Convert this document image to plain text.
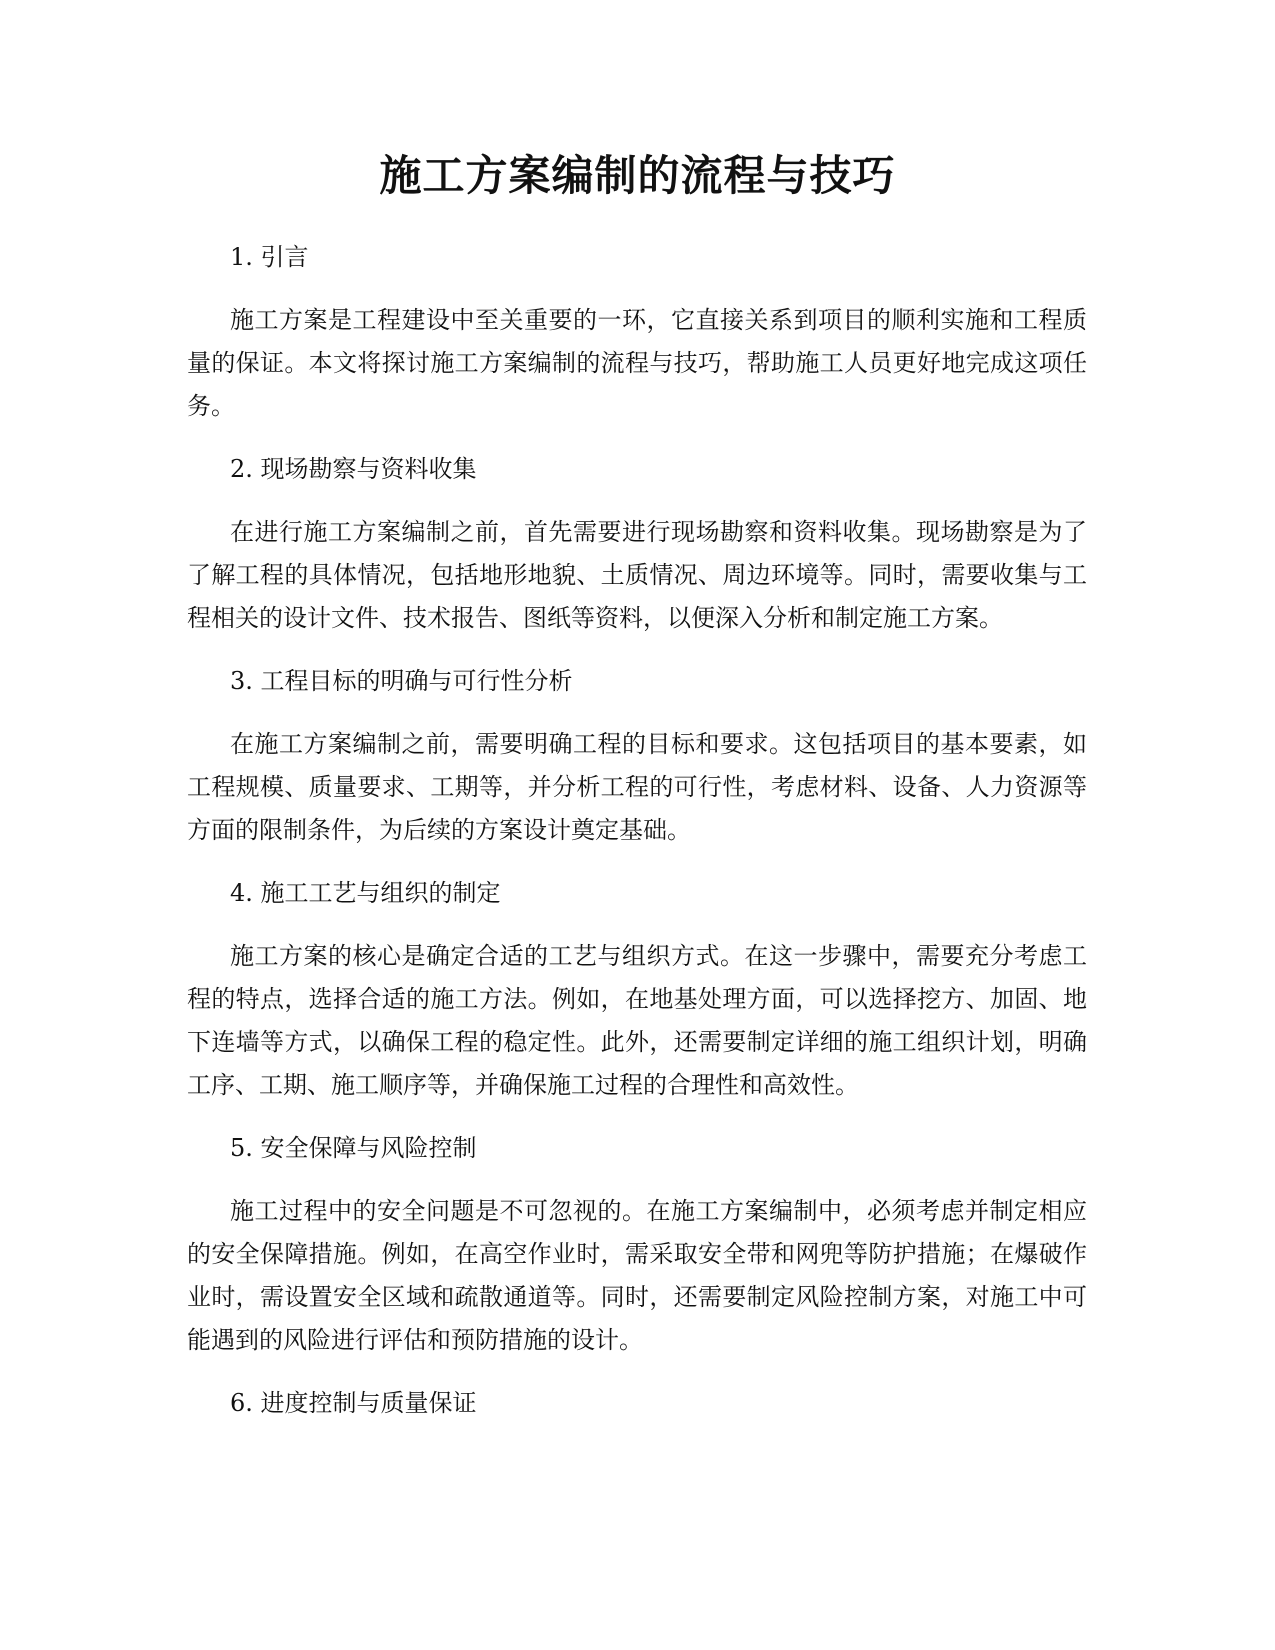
施工方案编制的流程与技巧

1. 引言

施工方案是工程建设中至关重要的一环，它直接关系到项目的顺利实施和工程质量的保证。本文将探讨施工方案编制的流程与技巧，帮助施工人员更好地完成这项任务。

2. 现场勘察与资料收集

在进行施工方案编制之前，首先需要进行现场勘察和资料收集。现场勘察是为了了解工程的具体情况，包括地形地貌、土质情况、周边环境等。同时，需要收集与工程相关的设计文件、技术报告、图纸等资料，以便深入分析和制定施工方案。

3. 工程目标的明确与可行性分析

在施工方案编制之前，需要明确工程的目标和要求。这包括项目的基本要素，如工程规模、质量要求、工期等，并分析工程的可行性，考虑材料、设备、人力资源等方面的限制条件，为后续的方案设计奠定基础。

4. 施工工艺与组织的制定

施工方案的核心是确定合适的工艺与组织方式。在这一步骤中，需要充分考虑工程的特点，选择合适的施工方法。例如，在地基处理方面，可以选择挖方、加固、地下连墙等方式，以确保工程的稳定性。此外，还需要制定详细的施工组织计划，明确工序、工期、施工顺序等，并确保施工过程的合理性和高效性。

5. 安全保障与风险控制

施工过程中的安全问题是不可忽视的。在施工方案编制中，必须考虑并制定相应的安全保障措施。例如，在高空作业时，需采取安全带和网兜等防护措施；在爆破作业时，需设置安全区域和疏散通道等。同时，还需要制定风险控制方案，对施工中可能遇到的风险进行评估和预防措施的设计。

6. 进度控制与质量保证
